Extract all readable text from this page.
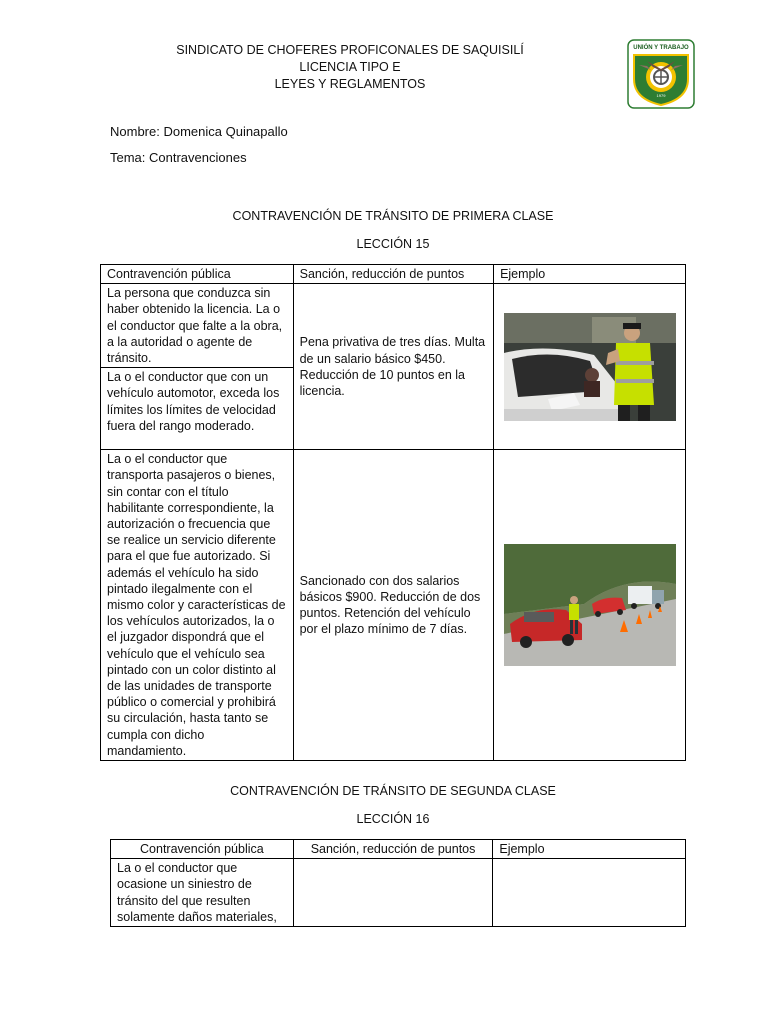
SINDICATO DE CHOFERES PROFICONALES DE SAQUISILÍ
LICENCIA TIPO E
LEYES Y REGLAMENTOS
UNIÓN Y TRABAJO
1979
Nombre: Domenica Quinapallo
Tema: Contravenciones
CONTRAVENCIÓN DE TRÁNSITO DE PRIMERA CLASE
LECCIÓN 15
Contravención pública	Sanción, reducción de puntos	Ejemplo
La persona que conduzca sin haber obtenido la licencia. La o el conductor que falte a la obra, a la autoridad o agente de tránsito.	Pena privativa de tres días. Multa de un salario básico $450. Reducción de 10 puntos en la licencia.	

La o el conductor que con un vehículo automotor, exceda los límites los límites de velocidad fuera del rango moderado.		
La o el conductor que transporta pasajeros o bienes, sin contar con el título habilitante correspondiente, la autorización o frecuencia que se realice un servicio diferente para el que fue autorizado. Si además el vehículo ha sido pintado ilegalmente con el mismo color y características de los vehículos autorizados, la o el juzgador dispondrá que el vehículo que el vehículo sea pintado con un color distinto al de las unidades de transporte público o comercial y prohibirá su circulación, hasta tanto se cumpla con dicho mandamiento.	Sancionado con dos salarios básicos $900. Reducción de dos puntos. Retención del vehículo por el plazo mínimo de 7 días.	
CONTRAVENCIÓN DE TRÁNSITO DE SEGUNDA CLASE
LECCIÓN 16
Contravención pública	Sanción, reducción de puntos	Ejemplo
La o el conductor que ocasione un siniestro de tránsito del que resulten solamente daños materiales,		
